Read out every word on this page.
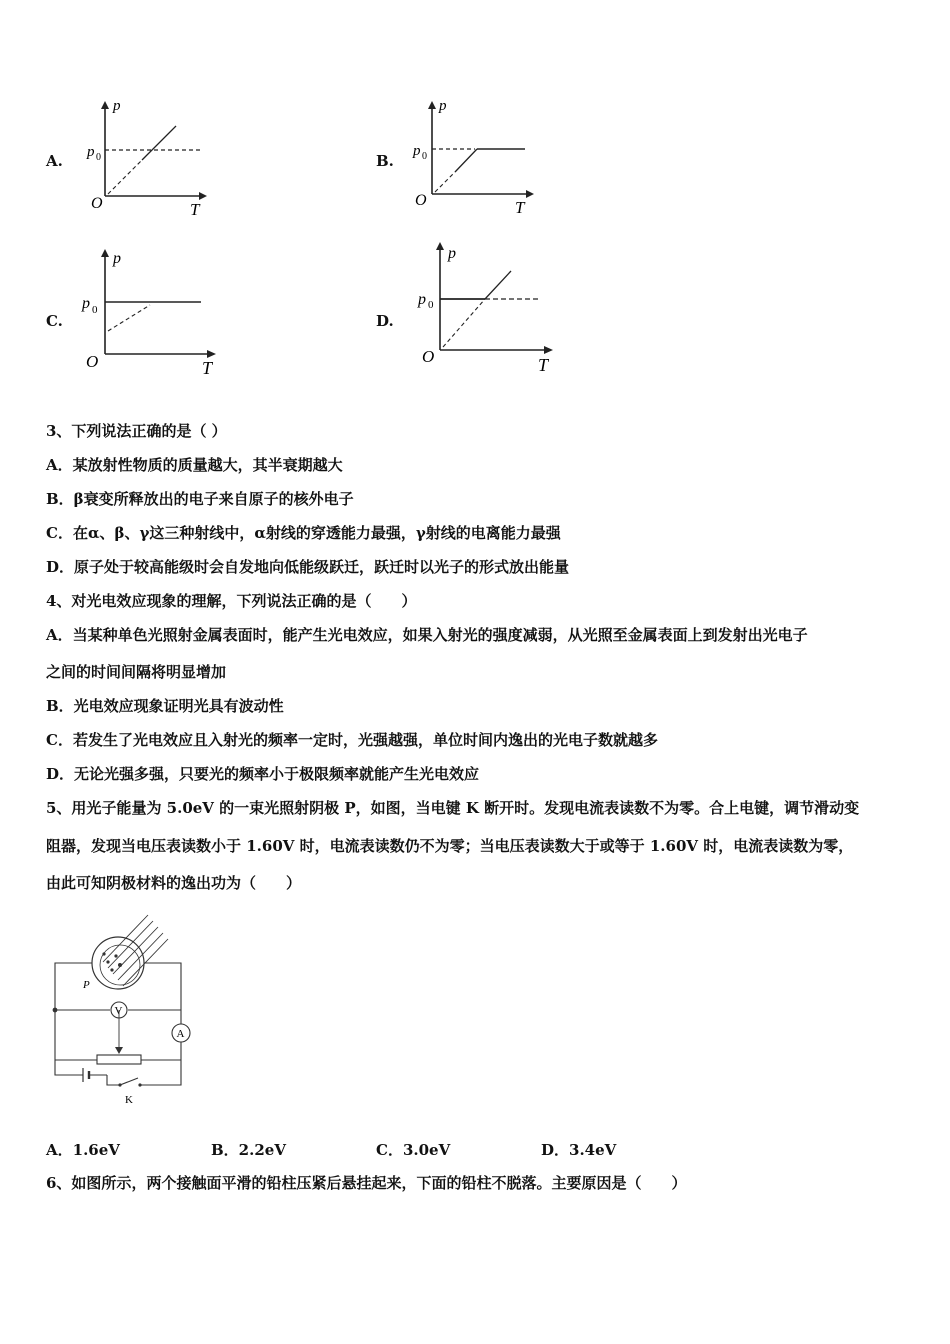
A.
p
T
O
p 0	B.
p
T
O
p 0
C.
p
T
O
p 0
D.
p
T
O
p 0
3、下列说法正确的是（ ）
A．某放射性物质的质量越大，其半衰期越大
B．β衰变所释放出的电子来自原子的核外电子
C．在α、β、γ这三种射线中，α射线的穿透能力最强，γ射线的电离能力最强
D．原子处于较高能级时会自发地向低能级跃迁，跃迁时以光子的形式放出能量
4、对光电效应现象的理解，下列说法正确的是（　　）
A．当某种单色光照射金属表面时，能产生光电效应，如果入射光的强度减弱，从光照至金属表面上到发射出光电子
之间的时间间隔将明显增加
B．光电效应现象证明光具有波动性
C．若发生了光电效应且入射光的频率一定时，光强越强，单位时间内逸出的光电子数就越多
D．无论光强多强，只要光的频率小于极限频率就能产生光电效应
5、用光子能量为 5.0eV 的一束光照射阴极 P，如图，当电键 K 断开时。发现电流表读数不为零。合上电键，调节滑动变
阻器，发现当电压表读数小于 1.60V 时，电流表读数仍不为零；当电压表读数大于或等于 1.60V 时，电流表读数为零，
由此可知阴极材料的逸出功为（　　）
V
A
K
P
A．1.6eV	B．2.2eV	C．3.0eV	D．3.4eV
6、如图所示，两个接触面平滑的铅柱压紧后悬挂起来，下面的铅柱不脱落。主要原因是（　　）
